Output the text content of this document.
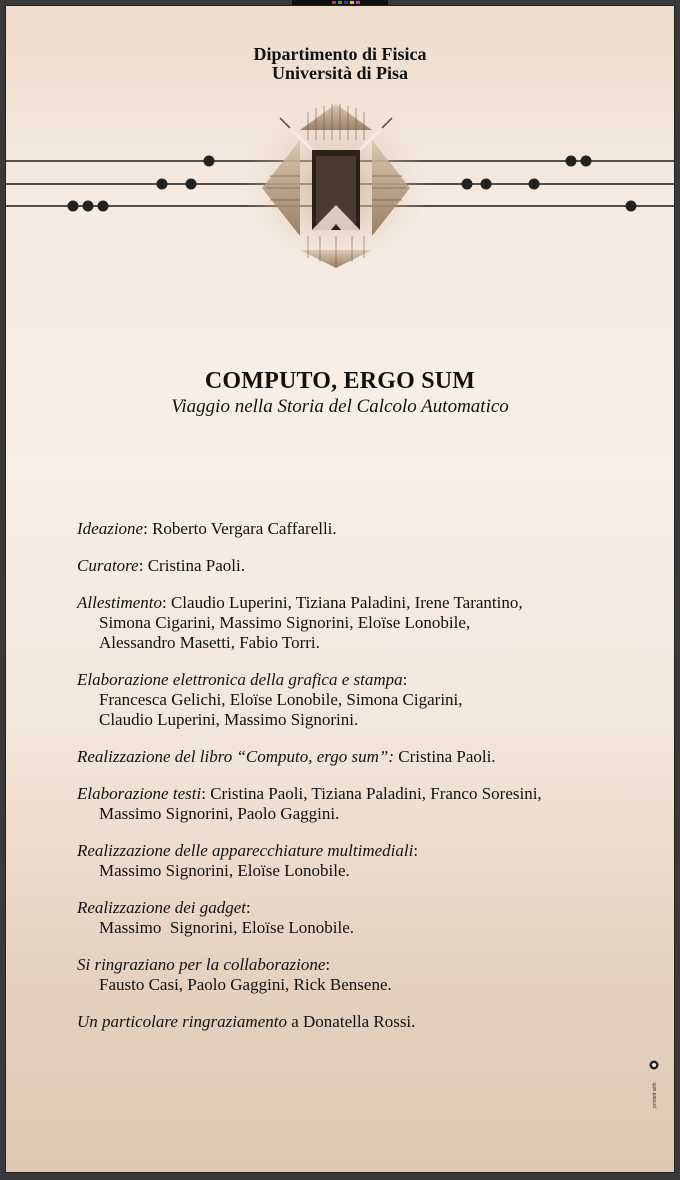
Dipartimento di Fisica
Università di Pisa
COMPUTO, ERGO SUM
Viaggio nella Storia del Calcolo Automatico
Ideazione: Roberto Vergara Caffarelli.
Curatore: Cristina Paoli.
Allestimento: Claudio Luperini, Tiziana Paladini, Irene Tarantino,
Simona Cigarini, Massimo Signorini, Eloïse Lonobile,
Alessandro Masetti, Fabio Torri.
Elaborazione elettronica della grafica e stampa:
Francesca Gelichi, Eloïse Lonobile, Simona Cigarini,
Claudio Luperini, Massimo Signorini.
Realizzazione del libro “Computo, ergo sum”: Cristina Paoli.
Elaborazione testi: Cristina Paoli, Tiziana Paladini, Franco Soresini,
Massimo Signorini, Paolo Gaggini.
Realizzazione delle apparecchiature multimediali:
Massimo Signorini, Eloïse Lonobile.
Realizzazione dei gadget:
Massimo  Signorini, Eloïse Lonobile.
Si ringraziano per la collaborazione:
Fausto Casi, Paolo Gaggini, Rick Bensene.
Un particolare ringraziamento a Donatella Rossi.
printed with
